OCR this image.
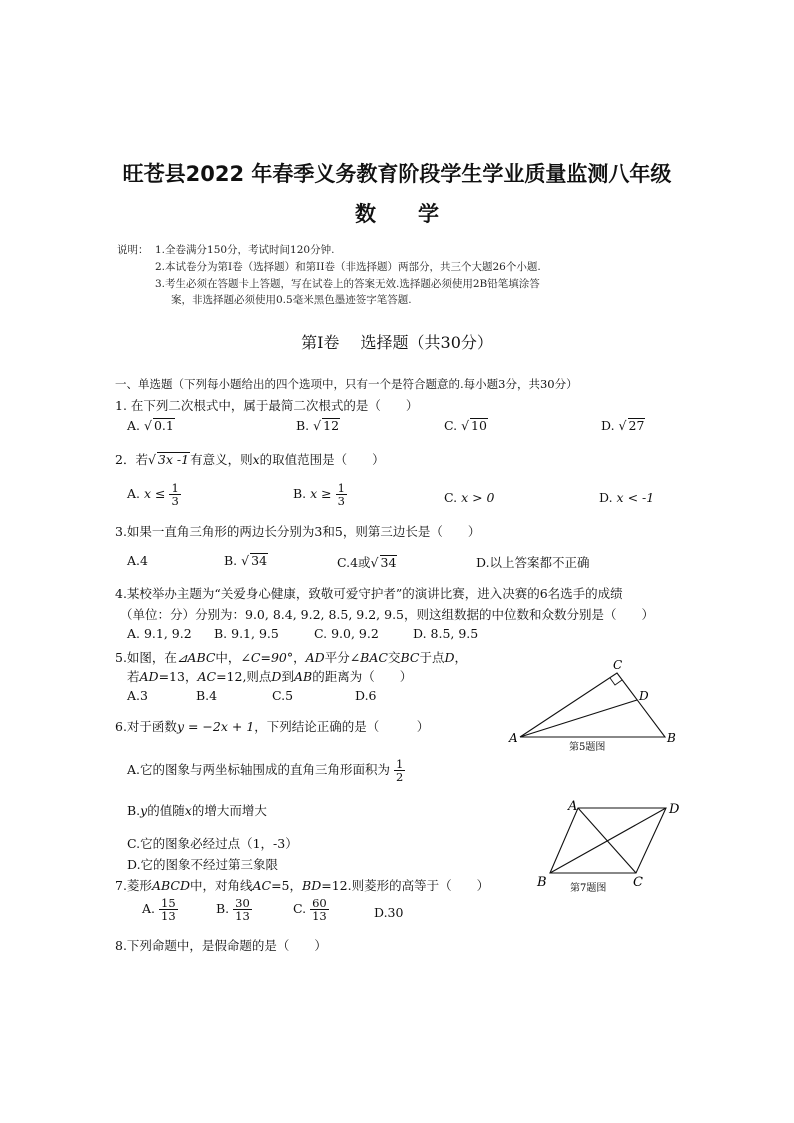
旺苍县2022 年春季义务教育阶段学生学业质量监测八年级
数　　学
说明： 1.全卷满分150分，考试时间120分钟.
2.本试卷分为第Ⅰ卷（选择题）和第II卷（非选择题）两部分，共三个大题26个小题.
3.考生必须在答题卡上答题，写在试卷上的答案无效.选择题必须使用2B铅笔填涂答
案，非选择题必须使用0.5毫米黑色墨迹签字笔答题.
第Ⅰ卷　 选择题（共30分）
一、单选题（下列每小题给出的四个选项中，只有一个是符合题意的.每小题3分，共30分）
1. 在下列二次根式中，属于最简二次根式的是（　　）
A. √ 0.1	B. √ 12	C. √ 10	D. √ 27
2．若√ 3x -1有意义，则x的取值范围是（　　）
A. $x \le \frac{1}{3}$	B. $x \ge \frac{1}{3}$	C. x > 0	D. x < -1
3.如果一直角三角形的两边长分别为3和5，则第三边长是（　　）
A.4	B. √ 34	C.4或√ 34	D.以上答案都不正确
4.某校举办主题为“关爱身心健康，致敬可爱守护者”的演讲比赛，进入决赛的6名选手的成绩
（单位：分）分别为：9.0, 8.4, 9.2, 8.5, 9.2, 9.5，则这组数据的中位数和众数分别是（　　）
A. 9.1, 9.2 B. 9.1, 9.5	C. 9.0, 9.2	D. 8.5, 9.5
5.如图，在⊿ABC中，∠C=90°，AD平分∠BAC交BC于点D，
若AD=13，AC=12,则点D到AB的距离为（　　）
A.3	B.4	C.5	D.6
C
D
A	B
第5题图
6.对于函数y = −2x + 1，下列结论正确的是（　　　）
A.它的图象与两坐标轴围成的直角三角形面积为 $\frac{1}{2}$
B.y的值随x的增大而增大
C.它的图象必经过点（1，-3）
D.它的图象不经过第三象限
A	D
B	C
第7题图
7.菱形ABCD中，对角线AC=5，BD=12.则菱形的高等于（　　）
A. $\frac{15}{13}$	B. $\frac{30}{13}$	C. $\frac{60}{13}$	D.30
8.下列命题中，是假命题的是（　　）
